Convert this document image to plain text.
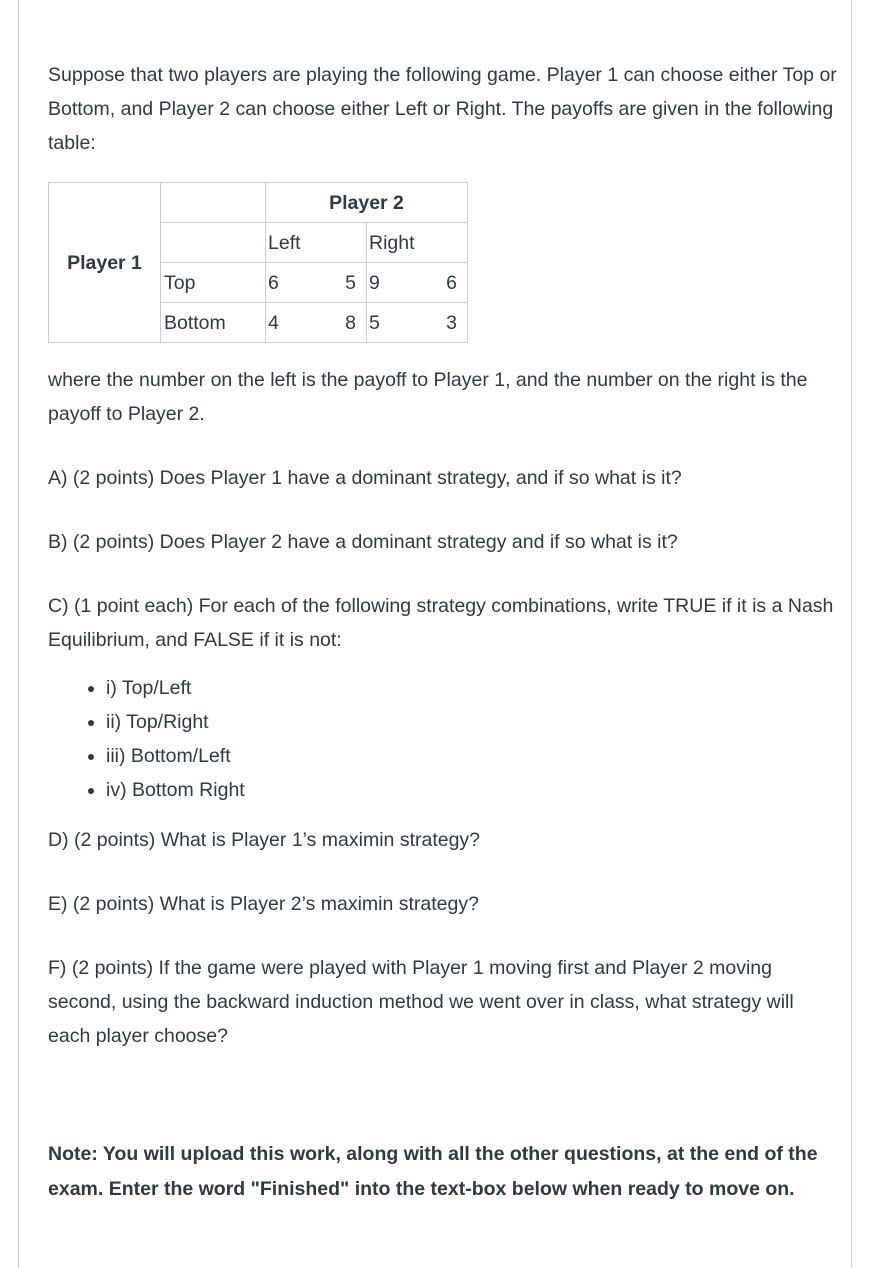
Suppose that two players are playing the following game. Player 1 can choose either Top or Bottom, and Player 2 can choose either Left or Right. The payoffs are given in the following table:

Player 1		Player 2	
		Left	Right
	Top	6 5	9 6
	Bottom	4 8	5 3

where the number on the left is the payoff to Player 1, and the number on the right is the payoff to Player 2.

A) (2 points) Does Player 1 have a dominant strategy, and if so what is it?

B) (2 points) Does Player 2 have a dominant strategy and if so what is it?

C) (1 point each) For each of the following strategy combinations, write TRUE if it is a Nash Equilibrium, and FALSE if it is not:

• i) Top/Left
• ii) Top/Right
• iii) Bottom/Left
• iv) Bottom Right

D) (2 points) What is Player 1’s maximin strategy?

E) (2 points) What is Player 2’s maximin strategy?

F) (2 points) If the game were played with Player 1 moving first and Player 2 moving second, using the backward induction method we went over in class, what strategy will each player choose?

Note: You will upload this work, along with all the other questions, at the end of the exam. Enter the word "Finished" into the text-box below when ready to move on.
